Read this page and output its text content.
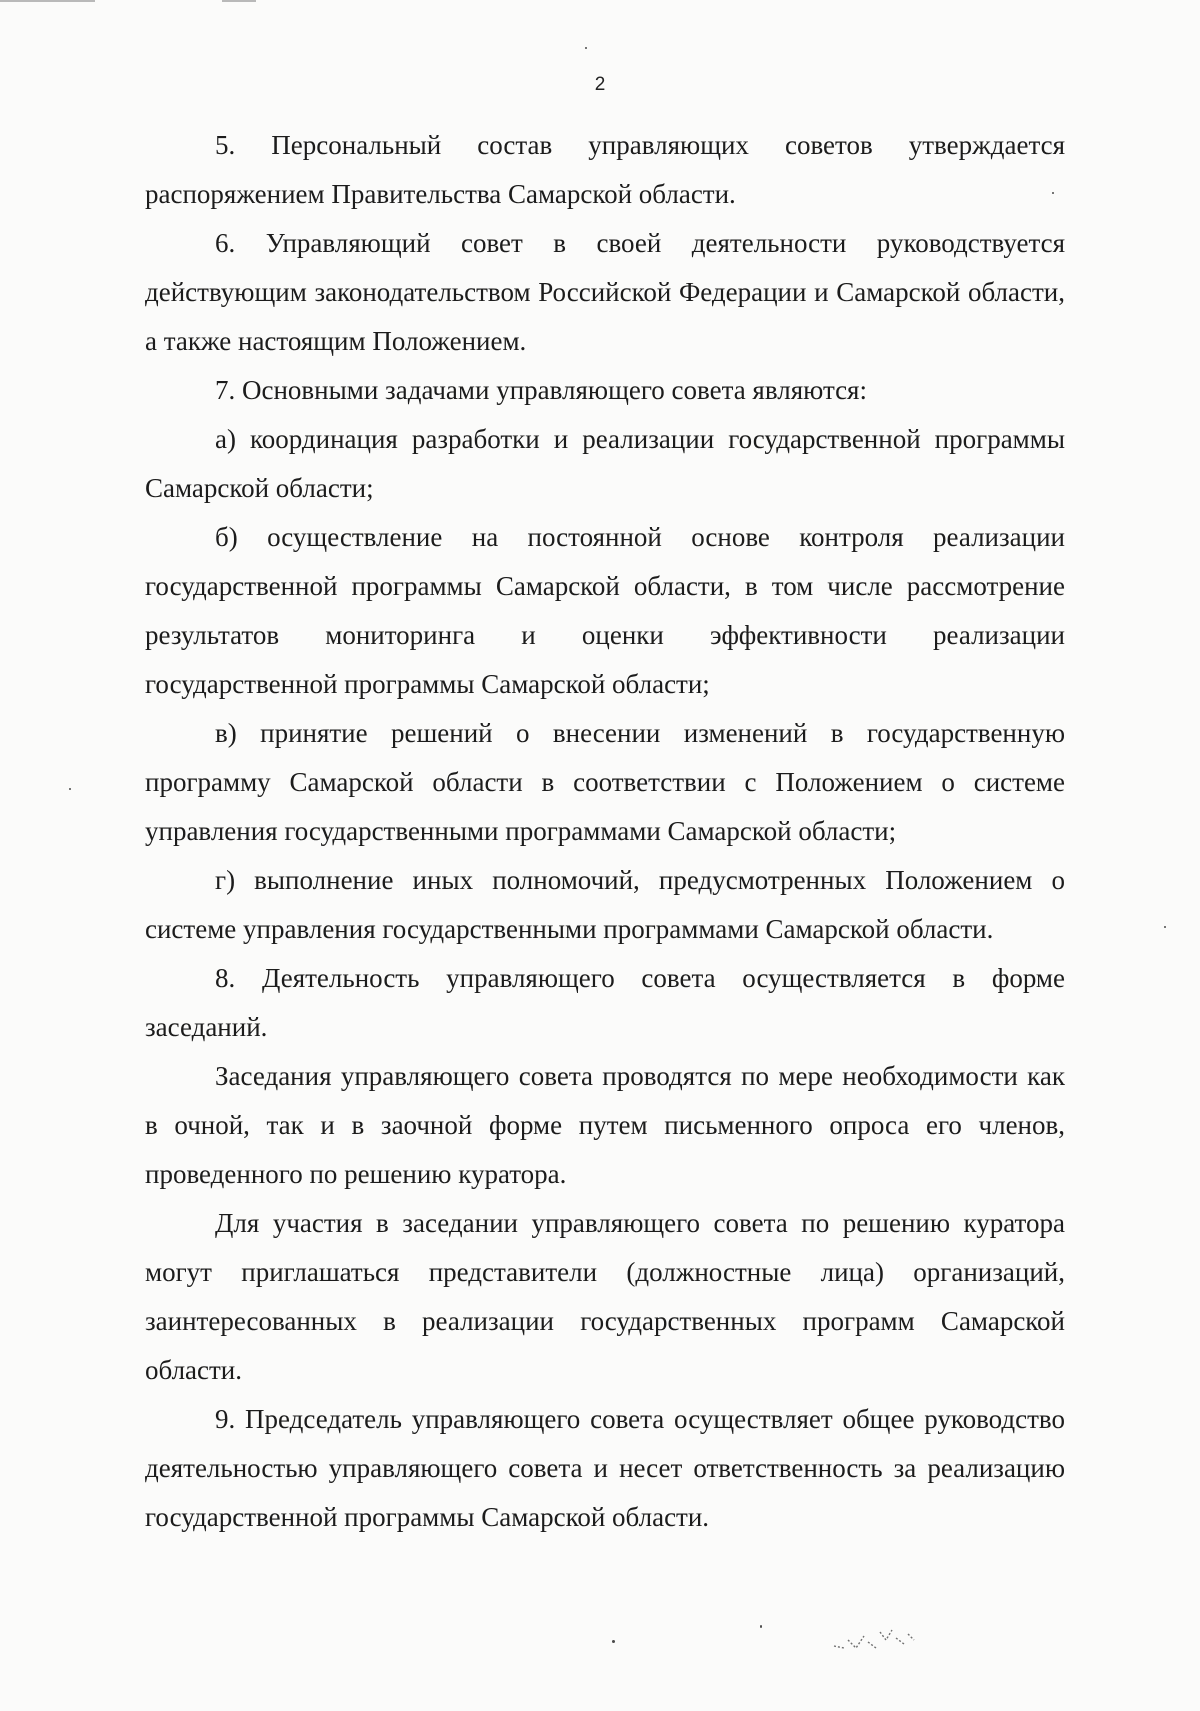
2

5. Персональный состав управляющих советов утверждается распоряжением Правительства Самарской области.

6. Управляющий совет в своей деятельности руководствуется действующим законодательством Российской Федерации и Самарской области, а также настоящим Положением.

7. Основными задачами управляющего совета являются:

а) координация разработки и реализации государственной программы Самарской области;

б) осуществление на постоянной основе контроля реализации государственной программы Самарской области, в том числе рассмотрение результатов мониторинга и оценки эффективности реализации государственной программы Самарской области;

в) принятие решений о внесении изменений в государственную программу Самарской области в соответствии с Положением о системе управления государственными программами Самарской области;

г) выполнение иных полномочий, предусмотренных Положением о системе управления государственными программами Самарской области.

8. Деятельность управляющего совета осуществляется в форме заседаний.

Заседания управляющего совета проводятся по мере необходимости как в очной, так и в заочной форме путем письменного опроса его членов, проведенного по решению куратора.

Для участия в заседании управляющего совета по решению куратора могут приглашаться представители (должностные лица) организаций, заинтересованных в реализации государственных программ Самарской области.

9. Председатель управляющего совета осуществляет общее руководство деятельностью управляющего совета и несет ответственность за реализацию государственной программы Самарской области.
